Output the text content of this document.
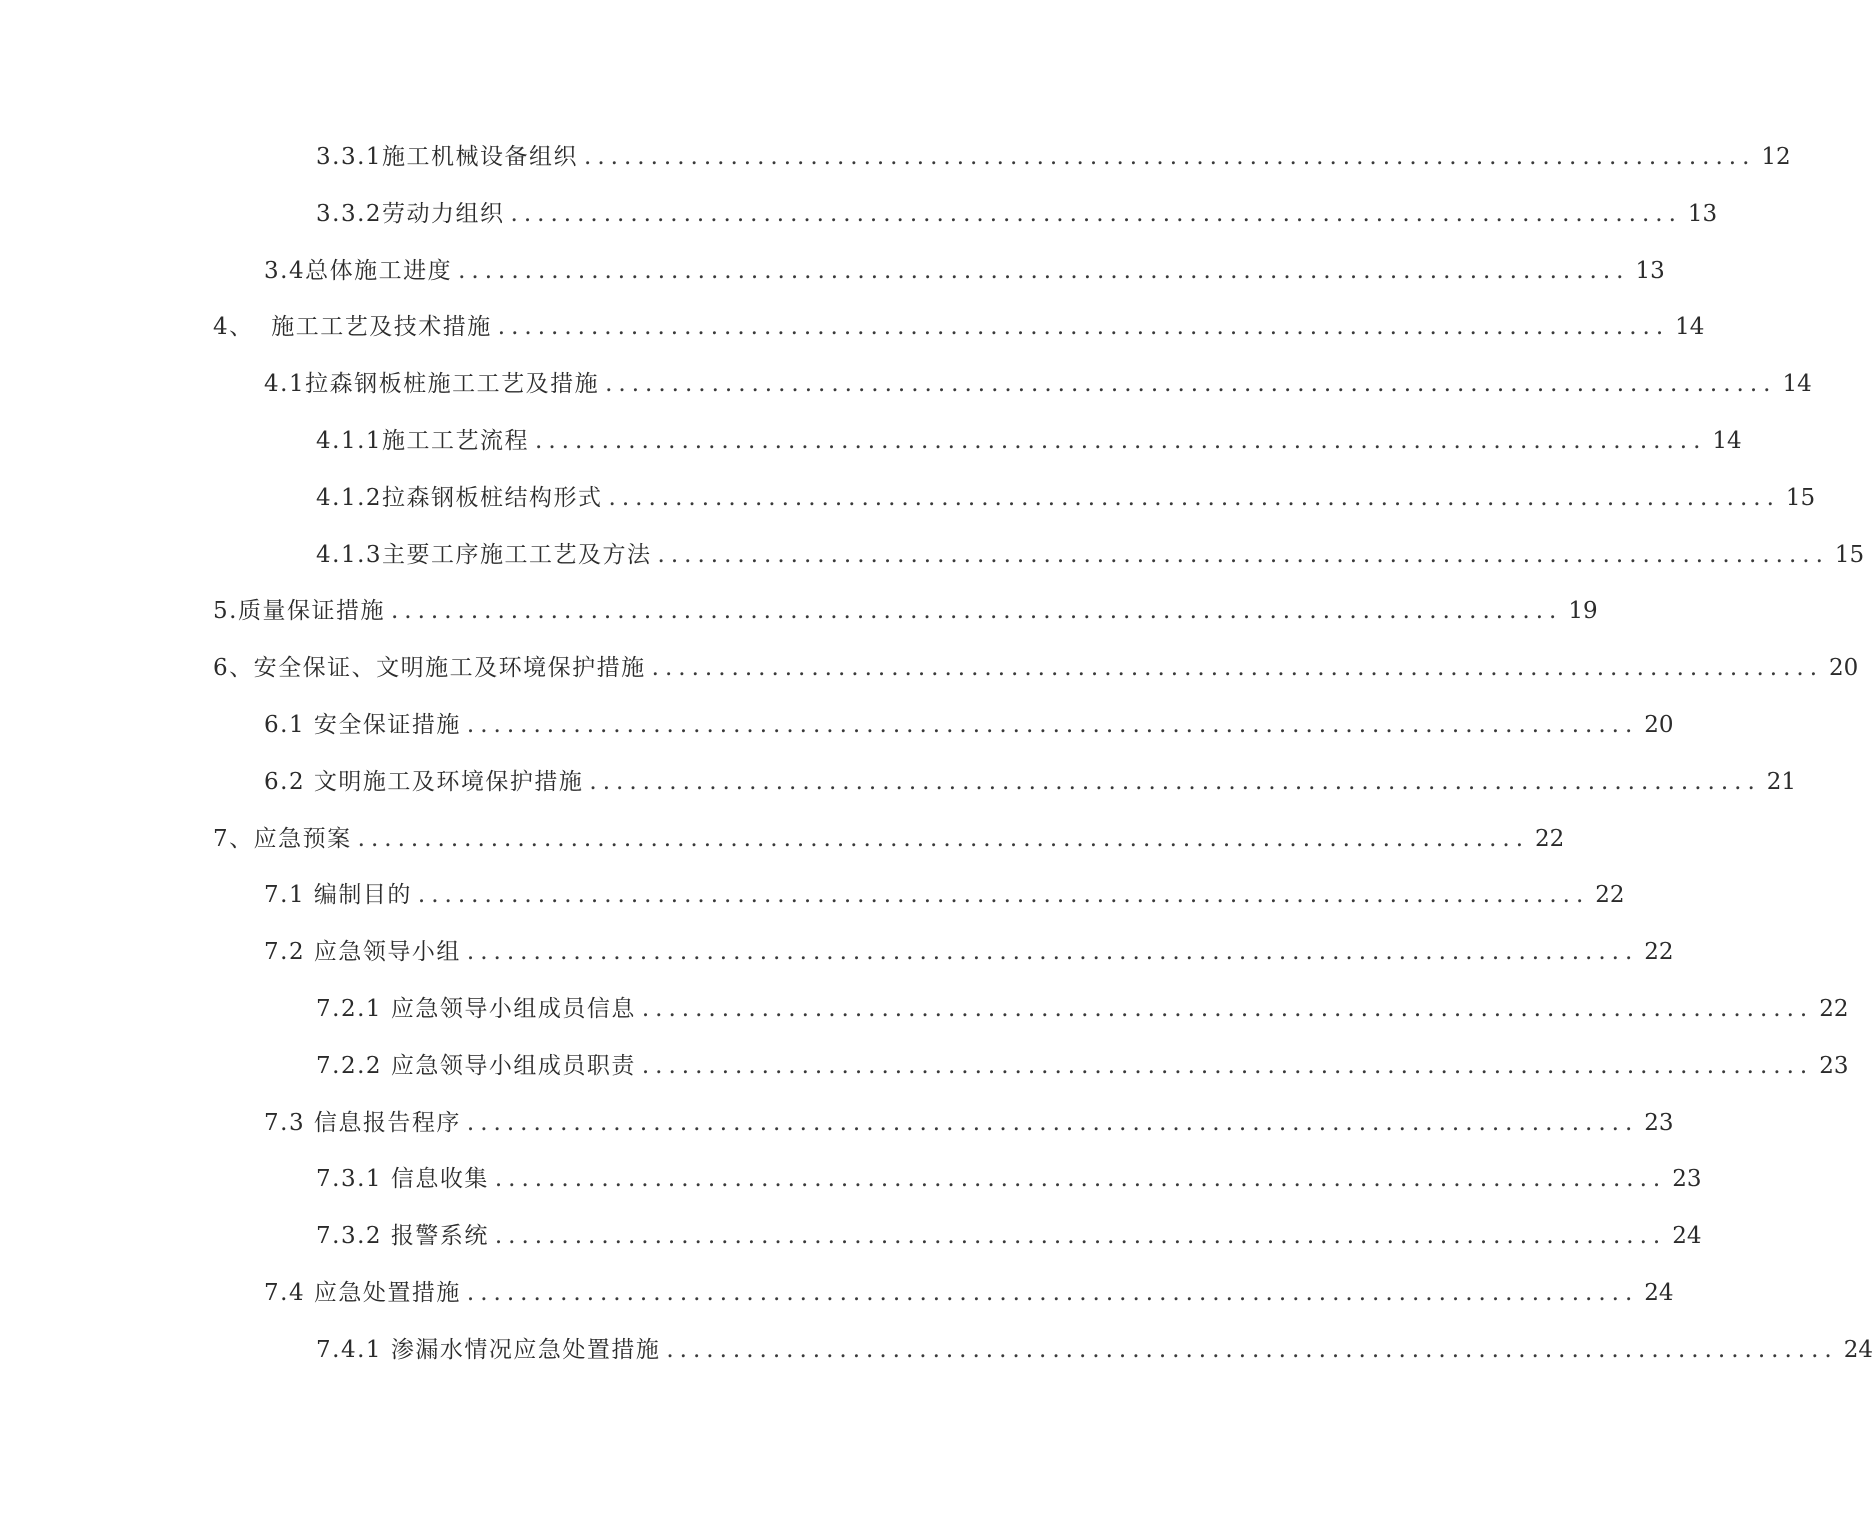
3.3.1 施工机械设备组织 ........................................................................................ 12
3.3.2 劳动力组织 ........................................................................................ 13
3.4 总体施工进度 ........................................................................................ 13
4、 施工工艺及技术措施 ........................................................................................ 14
4.1 拉森钢板桩施工工艺及措施 ........................................................................................ 14
4.1.1 施工工艺流程 ........................................................................................ 14
4.1.2 拉森钢板桩结构形式 ........................................................................................ 15
4.1.3 主要工序施工工艺及方法 ........................................................................................ 15
5. 质量保证措施 ........................................................................................ 19
6、 安全保证、文明施工及环境保护措施 ........................................................................................ 20
6.1 安全保证措施 ........................................................................................ 20
6.2 文明施工及环境保护措施 ........................................................................................ 21
7、 应急预案 ........................................................................................ 22
7.1 编制目的 ........................................................................................ 22
7.2 应急领导小组 ........................................................................................ 22
7.2.1 应急领导小组成员信息 ........................................................................................ 22
7.2.2 应急领导小组成员职责 ........................................................................................ 23
7.3 信息报告程序 ........................................................................................ 23
7.3.1 信息收集 ........................................................................................ 23
7.3.2 报警系统 ........................................................................................ 24
7.4 应急处置措施 ........................................................................................ 24
7.4.1 渗漏水情况应急处置措施 ........................................................................................ 24
